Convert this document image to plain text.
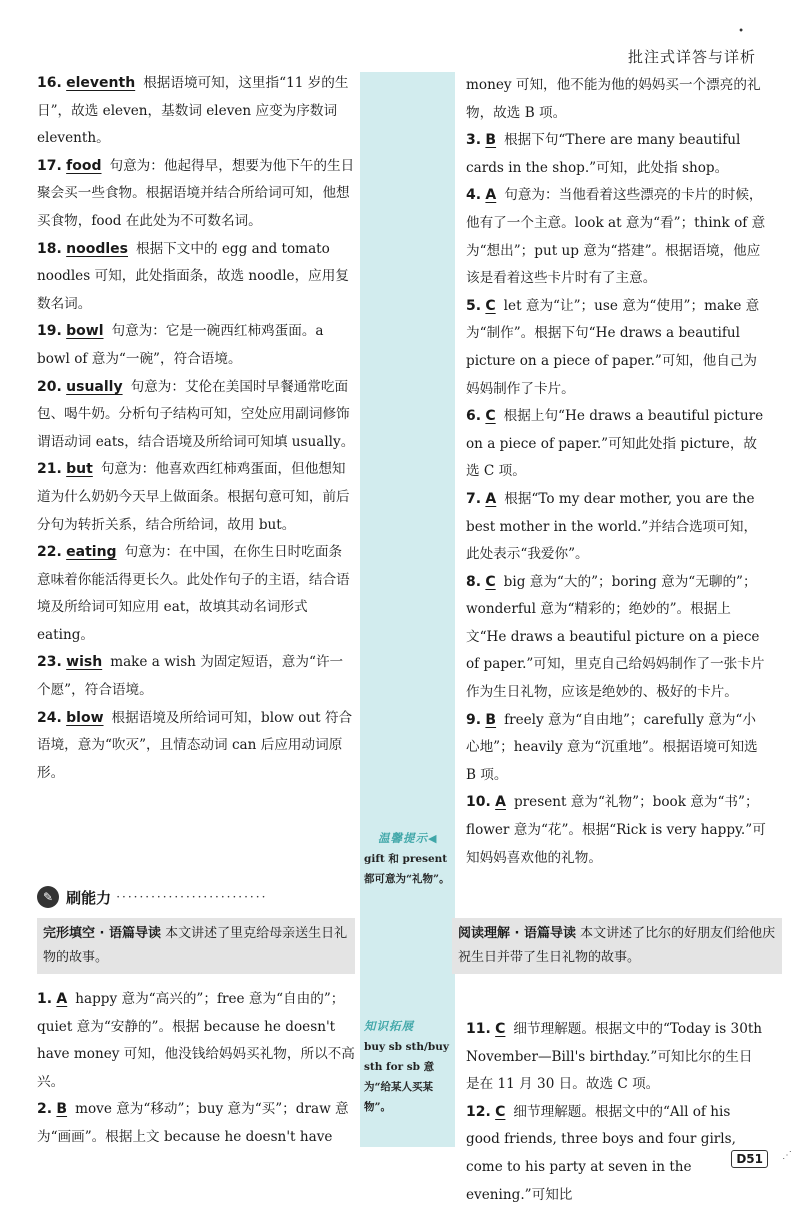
•
批注式详答与详析

16. eleventh 根据语境可知，这里指“11 岁的生日”，故选 eleven，基数词 eleven 应变为序数词 eleventh。

17. food 句意为：他起得早，想要为他下午的生日聚会买一些食物。根据语境并结合所给词可知，他想买食物，food 在此处为不可数名词。

18. noodles 根据下文中的 egg and tomato noodles 可知，此处指面条，故选 noodle，应用复数名词。

19. bowl 句意为：它是一碗西红柿鸡蛋面。a bowl of 意为“一碗”，符合语境。

20. usually 句意为：艾伦在美国时早餐通常吃面包、喝牛奶。分析句子结构可知，空处应用副词修饰谓语动词 eats，结合语境及所给词可知填 usually。

21. but 句意为：他喜欢西红柿鸡蛋面，但他想知道为什么奶奶今天早上做面条。根据句意可知，前后分句为转折关系，结合所给词，故用 but。

22. eating 句意为：在中国，在你生日时吃面条意味着你能活得更长久。此处作句子的主语，结合语境及所给词可知应用 eat，故填其动名词形式 eating。

23. wish make a wish 为固定短语，意为“许一个愿”，符合语境。

24. blow 根据语境及所给词可知，blow out 符合语境，意为“吹灭”，且情态动词 can 后应用动词原形。

✎ 刷能力 ··························
完形填空 · 语篇导读 本文讲述了里克给母亲送生日礼物的故事。

1. A happy 意为“高兴的”；free 意为“自由的”；quiet 意为“安静的”。根据 because he doesn't have money 可知，他没钱给妈妈买礼物，所以不高兴。

2. B move 意为“移动”；buy 意为“买”；draw 意为“画画”。根据上文 because he doesn't have

温馨提示◀
gift 和 present 都可意为“礼物”。
知识拓展
buy sb sth/buy sth for sb 意为“给某人买某物”。

money 可知，他不能为他的妈妈买一个漂亮的礼物，故选 B 项。

3. B 根据下句“There are many beautiful cards in the shop.”可知，此处指 shop。

4. A 句意为：当他看着这些漂亮的卡片的时候，他有了一个主意。look at 意为“看”；think of 意为“想出”；put up 意为“搭建”。根据语境，他应该是看着这些卡片时有了主意。

5. C let 意为“让”；use 意为“使用”；make 意为“制作”。根据下句“He draws a beautiful picture on a piece of paper.”可知，他自己为妈妈制作了卡片。

6. C 根据上句“He draws a beautiful picture on a piece of paper.”可知此处指 picture，故选 C 项。

7. A 根据“To my dear mother, you are the best mother in the world.”并结合选项可知，此处表示“我爱你”。

8. C big 意为“大的”；boring 意为“无聊的”；wonderful 意为“精彩的；绝妙的”。根据上文“He draws a beautiful picture on a piece of paper.”可知，里克自己给妈妈制作了一张卡片作为生日礼物，应该是绝妙的、极好的卡片。

9. B freely 意为“自由地”；carefully 意为“小心地”；heavily 意为“沉重地”。根据语境可知选 B 项。

10. A present 意为“礼物”；book 意为“书”；flower 意为“花”。根据“Rick is very happy.”可知妈妈喜欢他的礼物。

阅读理解 · 语篇导读 本文讲述了比尔的好朋友们给他庆祝生日并带了生日礼物的故事。

11. C 细节理解题。根据文中的“Today is 30th November—Bill's birthday.”可知比尔的生日是在 11 月 30 日。故选 C 项。

12. C 细节理解题。根据文中的“All of his good friends, three boys and four girls, come to his party at seven in the evening.”可知比

D51	⋰
